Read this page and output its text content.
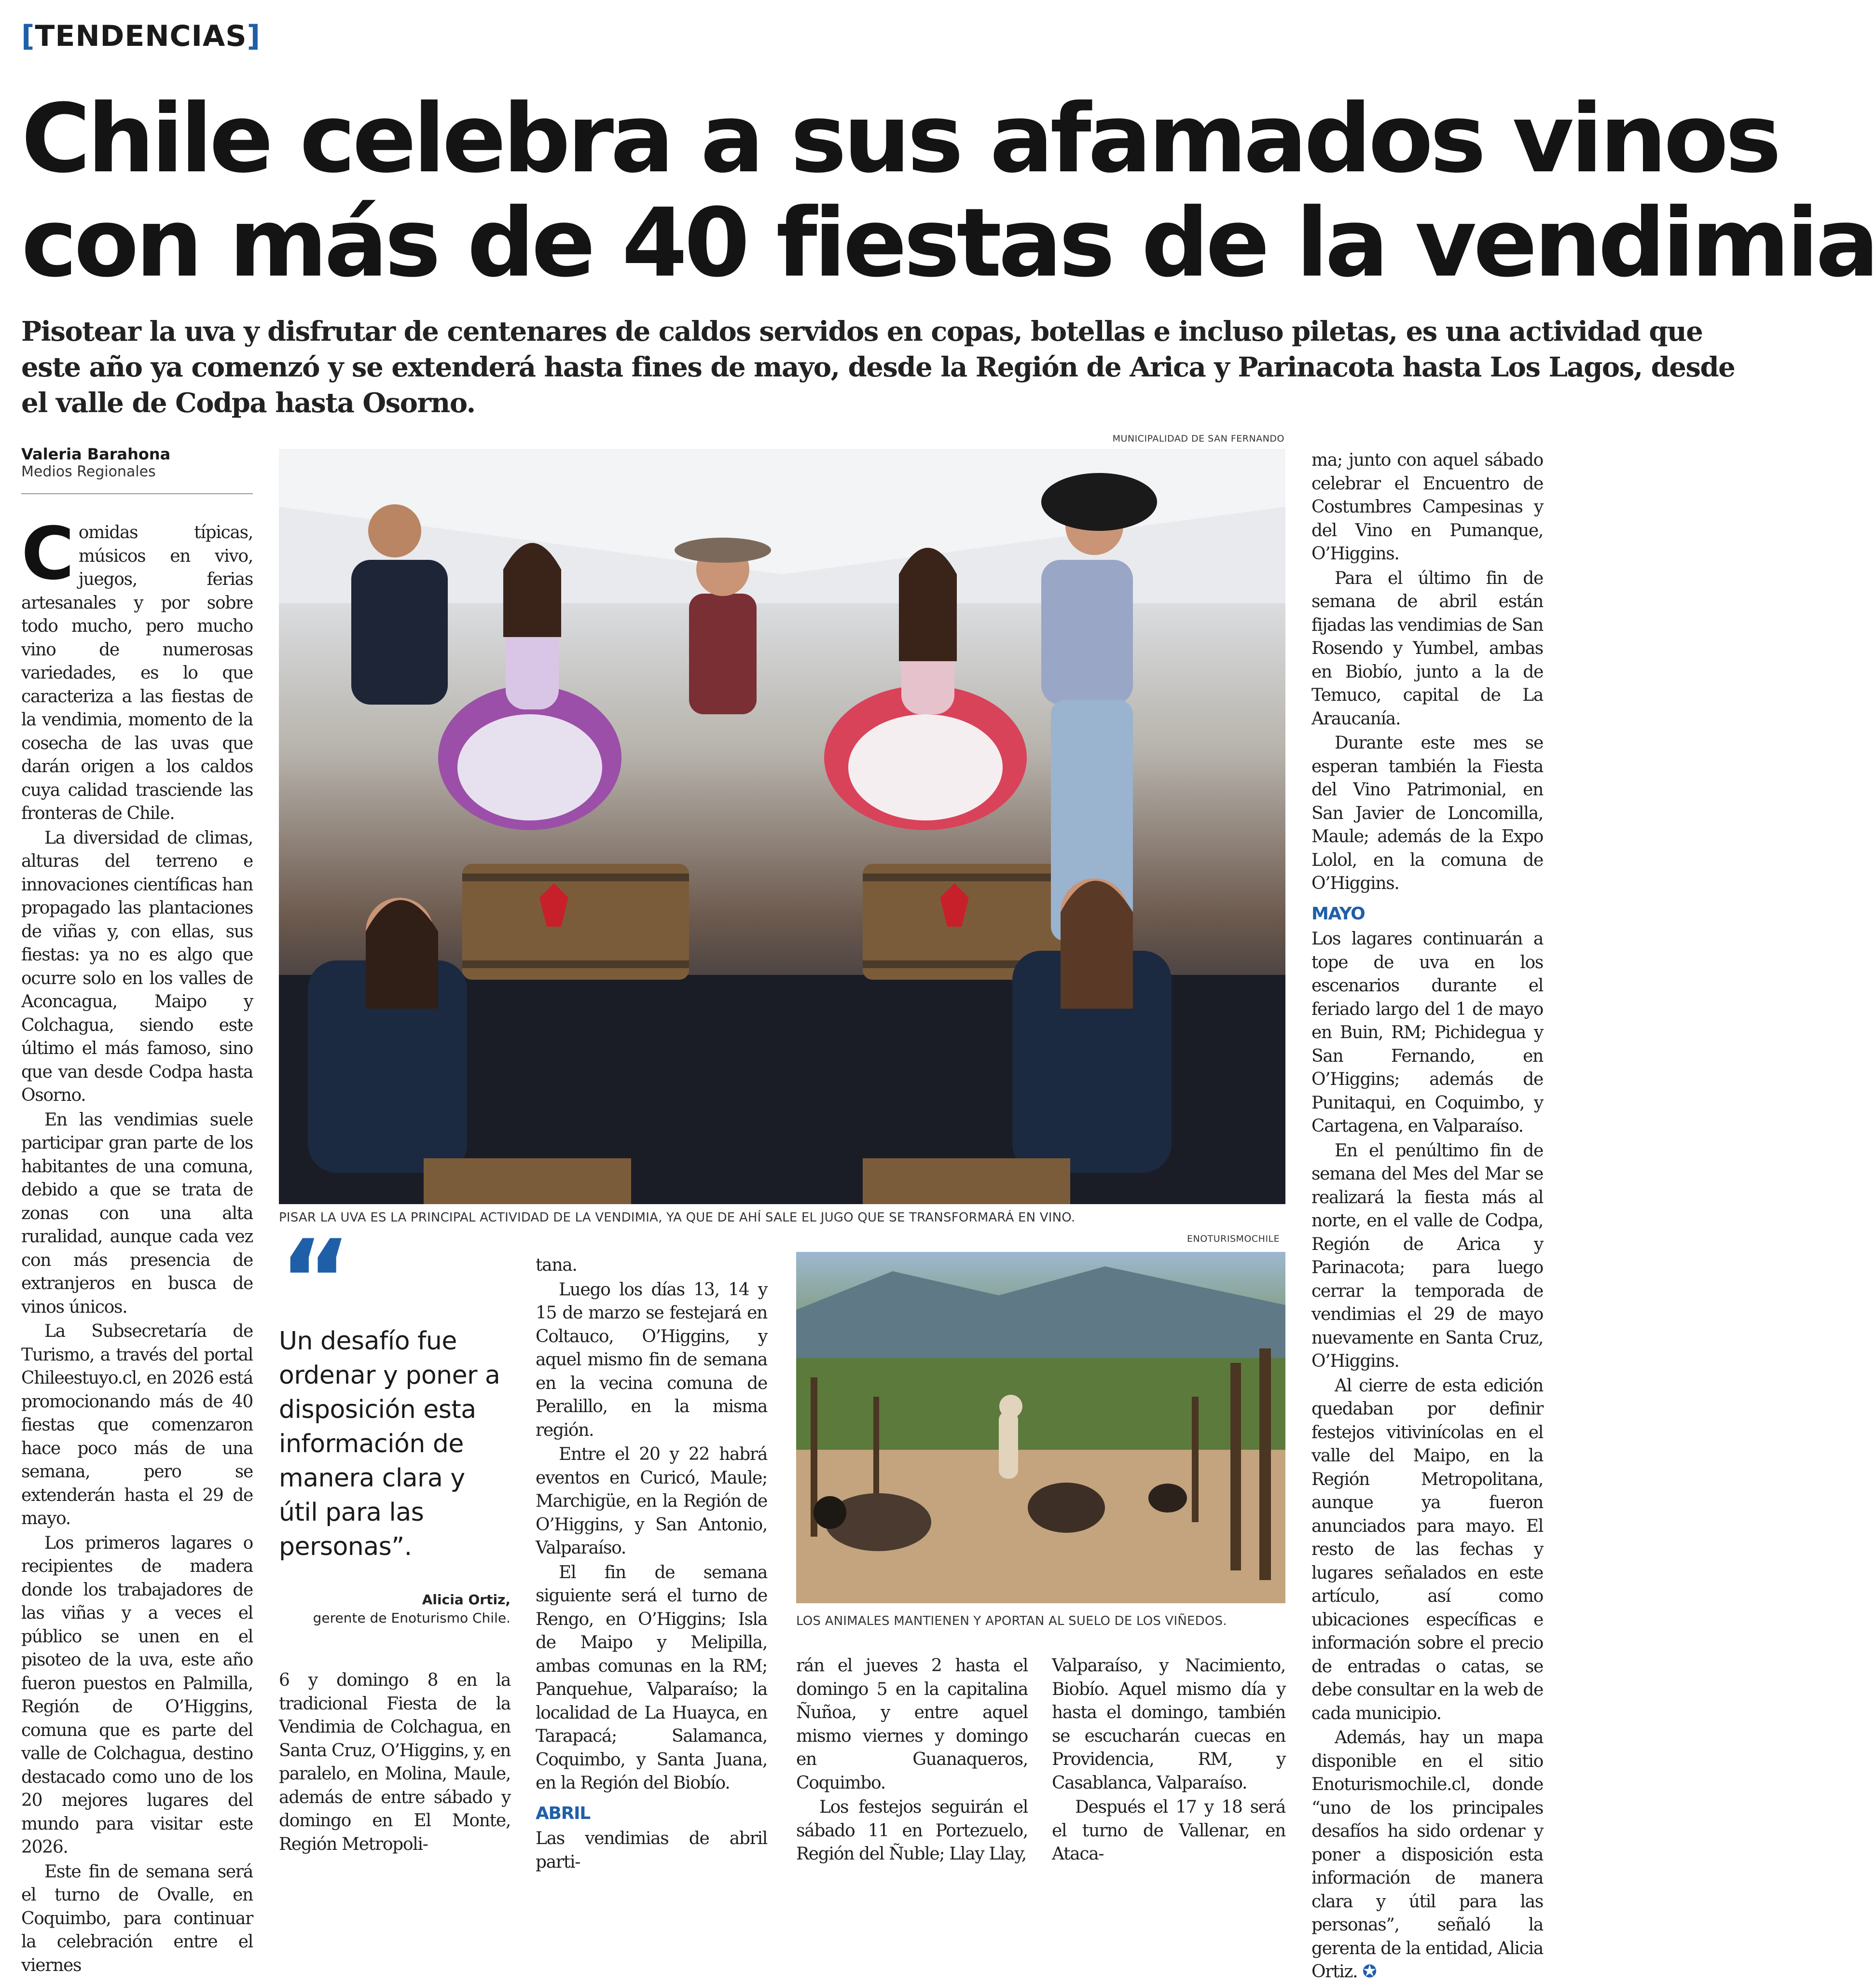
[TENDENCIAS]
Chile celebra a sus afamados vinos
con más de 40 fiestas de la vendimia
Pisotear la uva y disfrutar de centenares de caldos servidos en copas, botellas e incluso piletas, es una actividad que
este año ya comenzó y se extenderá hasta fines de mayo, desde la Región de Arica y Parinacota hasta Los Lagos, desde
el valle de Codpa hasta Osorno.
Valeria Barahona
Medios Regionales

Comidas típicas, músicos en vivo, juegos, ferias artesanales y por sobre todo mucho, pero mucho vino de numerosas variedades, es lo que caracteriza a las fiestas de la vendimia, momento de la cosecha de las uvas que darán origen a los caldos cuya calidad trasciende las fronteras de Chile.

La diversidad de climas, alturas del terreno e innovaciones científicas han propagado las plantaciones de viñas y, con ellas, sus fiestas: ya no es algo que ocurre solo en los valles de Aconcagua, Maipo y Colchagua, siendo este último el más famoso, sino que van desde Codpa hasta Osorno.

En las vendimias suele participar gran parte de los habitantes de una comuna, debido a que se trata de zonas con una alta ruralidad, aunque cada vez con más presencia de extranjeros en busca de vinos únicos.

La Subsecretaría de Turismo, a través del portal Chileestuyo.cl, en 2026 está promocionando más de 40 fiestas que comenzaron hace poco más de una semana, pero se extenderán hasta el 29 de mayo.

Los primeros lagares o recipientes de madera donde los trabajadores de las viñas y a veces el público se unen en el pisoteo de la uva, este año fueron puestos en Palmilla, Región de O’Higgins, comuna que es parte del valle de Colchagua, destino destacado como uno de los 20 mejores lugares del mundo para visitar este 2026.

Este fin de semana será el turno de Ovalle, en Coquimbo, para continuar la celebración entre el viernes

MUNICIPALIDAD DE SAN FERNANDO
PISAR LA UVA ES LA PRINCIPAL ACTIVIDAD DE LA VENDIMIA, YA QUE DE AHÍ SALE EL JUGO QUE SE TRANSFORMARÁ EN VINO.
“
Un desafío fue ordenar y poner a disposición esta información de manera clara y útil para las personas”.
Alicia Ortiz,
gerente de Enoturismo Chile.

6 y domingo 8 en la tradicional Fiesta de la Vendimia de Colchagua, en Santa Cruz, O’Higgins, y, en paralelo, en Molina, Maule, además de entre sábado y domingo en El Monte, Región Metropoli-

tana.

Luego los días 13, 14 y 15 de marzo se festejará en Coltauco, O’Higgins, y aquel mismo fin de semana en la vecina comuna de Peralillo, en la misma región.

Entre el 20 y 22 habrá eventos en Curicó, Maule; Marchigüe, en la Región de O’Higgins, y San Antonio, Valparaíso.

El fin de semana siguiente será el turno de Rengo, en O’Higgins; Isla de Maipo y Melipilla, ambas comunas en la RM; Panquehue, Valparaíso; la localidad de La Huayca, en Tarapacá; Salamanca, Coquimbo, y Santa Juana, en la Región del Biobío.

ABRIL

Las vendimias de abril parti-

ENOTURISMOCHILE
LOS ANIMALES MANTIENEN Y APORTAN AL SUELO DE LOS VIÑEDOS.

rán el jueves 2 hasta el domingo 5 en la capitalina Ñuñoa, y entre aquel mismo viernes y domingo en Guanaqueros, Coquimbo.

Los festejos seguirán el sábado 11 en Portezuelo, Región del Ñuble; Llay Llay,

Valparaíso, y Nacimiento, Biobío. Aquel mismo día y hasta el domingo, también se escucharán cuecas en Providencia, RM, y Casablanca, Valparaíso.

Después el 17 y 18 será el turno de Vallenar, en Ataca-

ma; junto con aquel sábado celebrar el Encuentro de Costumbres Campesinas y del Vino en Pumanque, O’Higgins.

Para el último fin de semana de abril están fijadas las vendimias de San Rosendo y Yumbel, ambas en Biobío, junto a la de Temuco, capital de La Araucanía.

Durante este mes se esperan también la Fiesta del Vino Patrimonial, en San Javier de Loncomilla, Maule; además de la Expo Lolol, en la comuna de O’Higgins.

MAYO

Los lagares continuarán a tope de uva en los escenarios durante el feriado largo del 1 de mayo en Buin, RM; Pichidegua y San Fernando, en O’Higgins; además de Punitaqui, en Coquimbo, y Cartagena, en Valparaíso.

En el penúltimo fin de semana del Mes del Mar se realizará la fiesta más al norte, en el valle de Codpa, Región de Arica y Parinacota; para luego cerrar la temporada de vendimias el 29 de mayo nuevamente en Santa Cruz, O’Higgins.

Al cierre de esta edición quedaban por definir festejos vitivinícolas en el valle del Maipo, en la Región Metropolitana, aunque ya fueron anunciados para mayo. El resto de las fechas y lugares señalados en este artículo, así como ubicaciones específicas e información sobre el precio de entradas o catas, se debe consultar en la web de cada municipio.

Además, hay un mapa disponible en el sitio Enoturismochile.cl, donde “uno de los principales desafíos ha sido ordenar y poner a disposición esta información de manera clara y útil para las personas”, señaló la gerenta de la entidad, Alicia Ortiz. ✪
